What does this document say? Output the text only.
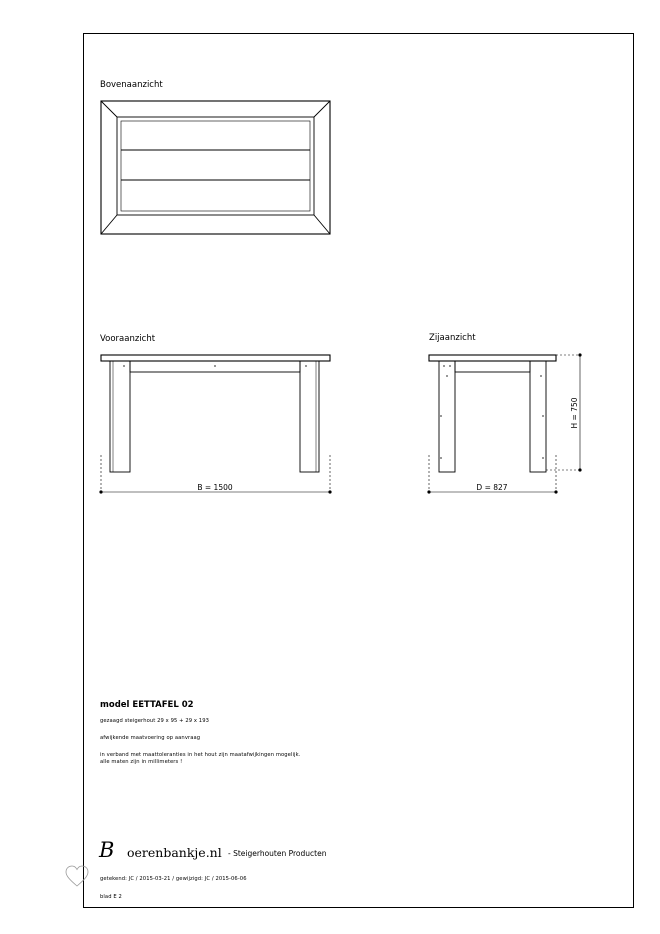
Bovenaanzicht
Vooraanzicht	Zijaanzicht
B = 1500	D = 827
H = 750
model EETTAFEL 02
gezaagd steigerhout 29 x 95 + 29 x 193
afwijkende maatvoering op aanvraag
in verband met maattoleranties in het hout zijn maatafwijkingen mogelijk.
alle maten zijn in millimeters !
B oerenbankje.nl - Steigerhouten Producten
getekend: JC / 2015-03-21 / gewijzigd: JC / 2015-06-06
blad E 2
